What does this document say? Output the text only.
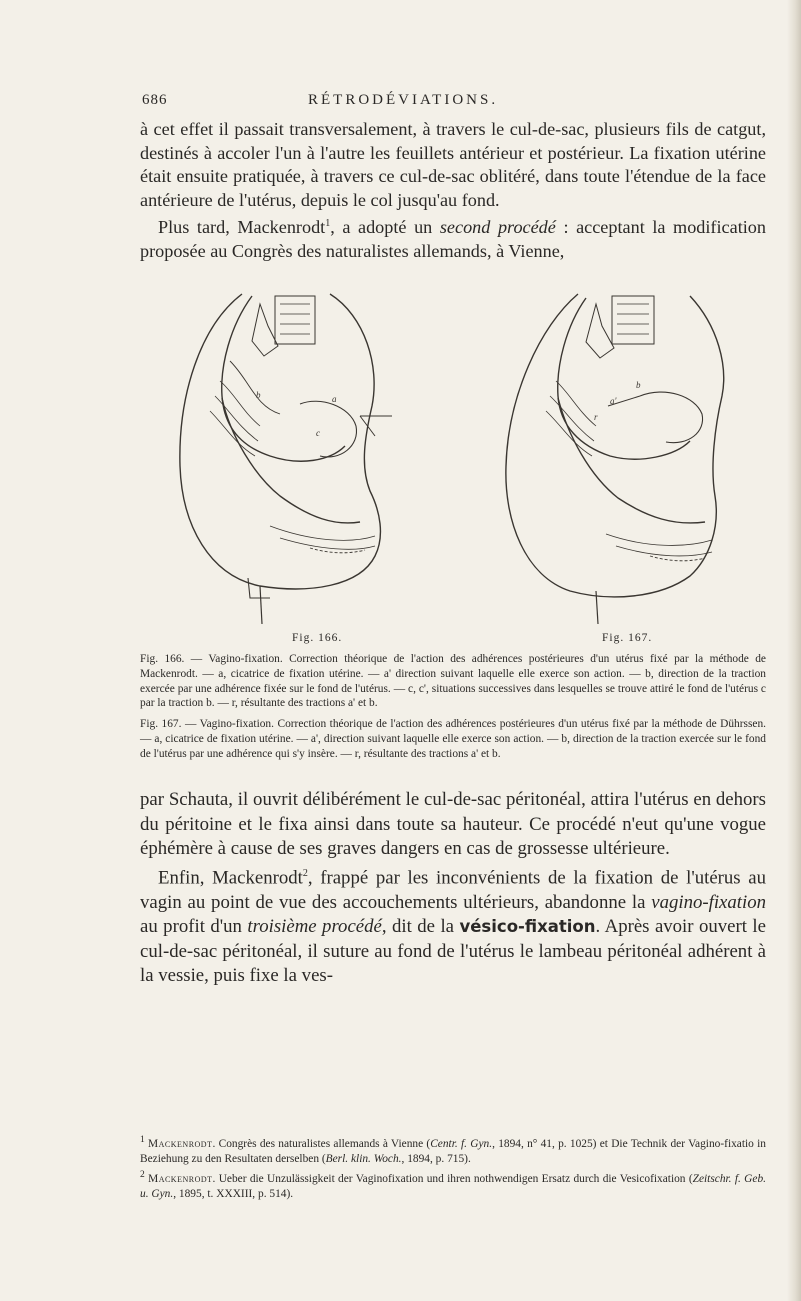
686	RÉTRODÉVIATIONS.

à cet effet il passait transversalement, à travers le cul-de-sac, plusieurs fils de catgut, destinés à accoler l'un à l'autre les feuillets antérieur et postérieur. La fixation utérine était ensuite pratiquée, à travers ce cul-de-sac oblitéré, dans toute l'étendue de la face antérieure de l'utérus, depuis le col jusqu'au fond.

Plus tard, Mackenrodt$^1$, a adopté un second procédé : acceptant la modification proposée au Congrès des naturalistes allemands, à Vienne,

b	a
c
a'
b
r
Fig. 166.	Fig. 167.

Fig. 166. — Vagino-fixation. Correction théorique de l'action des adhérences postérieures d'un utérus fixé par la méthode de Mackenrodt. — a, cicatrice de fixation utérine. — a' direction suivant laquelle elle exerce son action. — b, direction de la traction exercée par une adhérence fixée sur le fond de l'utérus. — c, c', situations successives dans lesquelles se trouve attiré le fond de l'utérus c par la traction b. — r, résultante des tractions a' et b.

Fig. 167. — Vagino-fixation. Correction théorique de l'action des adhérences postérieures d'un utérus fixé par la méthode de Dührssen. — a, cicatrice de fixation utérine. — a', direction suivant laquelle elle exerce son action. — b, direction de la traction exercée sur le fond de l'utérus par une adhérence qui s'y insère. — r, résultante des tractions a' et b.

par Schauta, il ouvrit délibérément le cul-de-sac péritonéal, attira l'utérus en dehors du péritoine et le fixa ainsi dans toute sa hauteur. Ce procédé n'eut qu'une vogue éphémère à cause de ses graves dangers en cas de grossesse ultérieure.

Enfin, Mackenrodt$^2$, frappé par les inconvénients de la fixation de l'utérus au vagin au point de vue des accouchements ultérieurs, abandonne la vagino-fixation au profit d'un troisième procédé, dit de la vésico-fixation. Après avoir ouvert le cul-de-sac péritonéal, il suture au fond de l'utérus le lambeau péritonéal adhérent à la vessie, puis fixe la ves-

$^1$ Mackenrodt. Congrès des naturalistes allemands à Vienne (Centr. f. Gyn., 1894, n° 41, p. 1025) et Die Technik der Vagino-fixatio in Beziehung zu den Resultaten derselben (Berl. klin. Woch., 1894, p. 715).

$^2$ Mackenrodt. Ueber die Unzulässigkeit der Vaginofixation und ihren nothwendigen Ersatz durch die Vesicofixation (Zeitschr. f. Geb. u. Gyn., 1895, t. XXXIII, p. 514).
